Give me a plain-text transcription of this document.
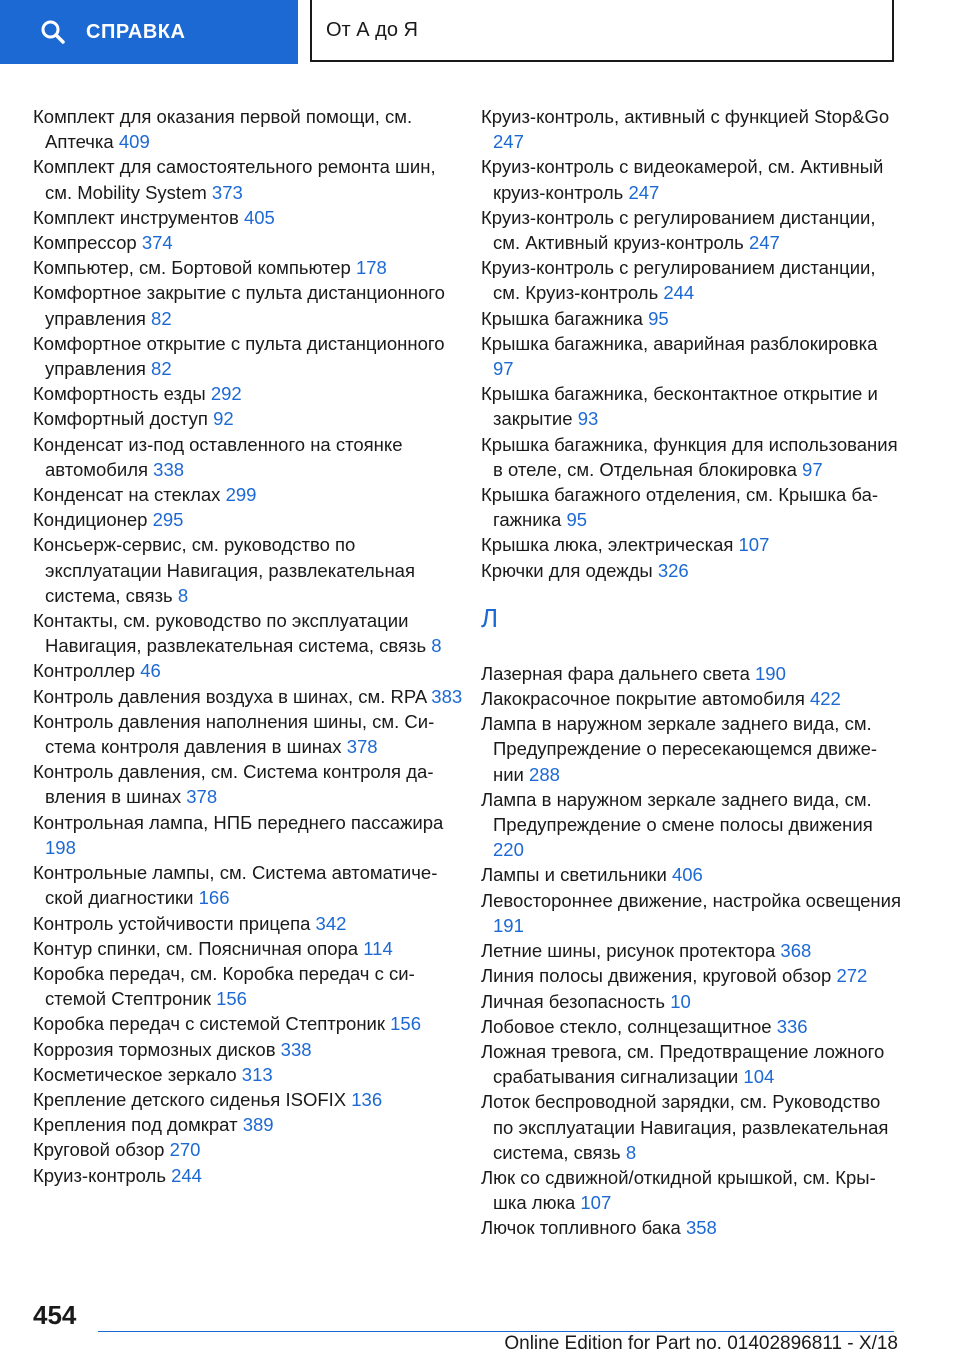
СПРАВКА	От А до Я
Комплект для оказания первой помощи, см. Аптечка 409
Комплект для самостоятельного ремонта шин, см. Mobility System 373
Комплект инструментов 405
Компрессор 374
Компьютер, см. Бортовой компьютер 178
Комфортное закрытие с пульта дистанционного управления 82
Комфортное открытие с пульта дистанционного управления 82
Комфортность езды 292
Комфортный доступ 92
Конденсат из-под оставленного на стоянке автомобиля 338
Конденсат на стеклах 299
Кондиционер 295
Консьерж-сервис, см. руководство по эксплуатации Навигация, развлекательная система, связь 8
Контакты, см. руководство по эксплуатации Навигация, развлекательная система, связь 8
Контроллер 46
Контроль давления воздуха в шинах, см. RPA 383
Контроль давления наполнения шины, см. Система контроля давления в шинах 378
Контроль давления, см. Система контроля давления в шинах 378
Контрольная лампа, НПБ переднего пассажира 198
Контрольные лампы, см. Система автоматической диагностики 166
Контроль устойчивости прицепа 342
Контур спинки, см. Поясничная опора 114
Коробка передач, см. Коробка передач с системой Стептроник 156
Коробка передач с системой Стептроник 156
Коррозия тормозных дисков 338
Косметическое зеркало 313
Крепление детского сиденья ISOFIX 136
Крепления под домкрат 389
Круговой обзор 270
Круиз-контроль 244
Круиз-контроль, активный с функцией Stop&Go 247
Круиз-контроль с видеокамерой, см. Активный круиз-контроль 247
Круиз-контроль с регулированием дистанции, см. Активный круиз-контроль 247
Круиз-контроль с регулированием дистанции, см. Круиз-контроль 244
Крышка багажника 95
Крышка багажника, аварийная разблокировка 97
Крышка багажника, бесконтактное открытие и закрытие 93
Крышка багажника, функция для использования в отеле, см. Отдельная блокировка 97
Крышка багажного отделения, см. Крышка багажника 95
Крышка люка, электрическая 107
Крючки для одежды 326
Л
Лазерная фара дальнего света 190
Лакокрасочное покрытие автомобиля 422
Лампа в наружном зеркале заднего вида, см. Предупреждение о пересекающемся движении 288
Лампа в наружном зеркале заднего вида, см. Предупреждение о смене полосы движения 220
Лампы и светильники 406
Левостороннее движение, настройка освещения 191
Летние шины, рисунок протектора 368
Линия полосы движения, круговой обзор 272
Личная безопасность 10
Лобовое стекло, солнцезащитное 336
Ложная тревога, см. Предотвращение ложного срабатывания сигнализации 104
Лоток беспроводной зарядки, см. Руководство по эксплуатации Навигация, развлекательная система, связь 8
Люк со сдвижной/откидной крышкой, см. Крышка люка 107
Лючок топливного бака 358
454
Online Edition for Part no. 01402896811 - X/18
